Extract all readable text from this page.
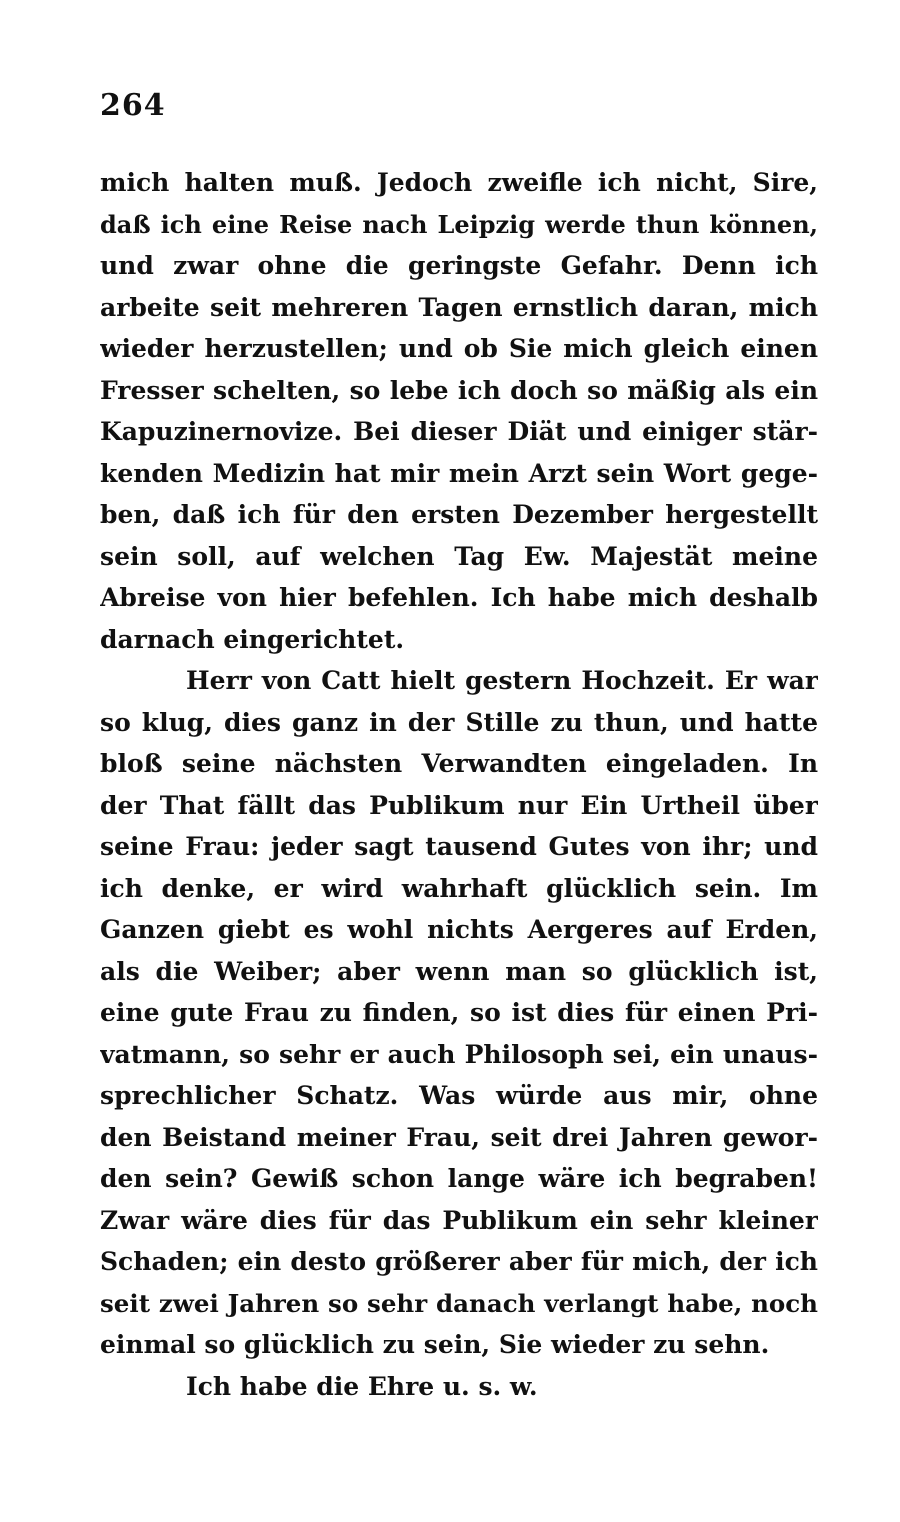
264
mich halten muß. Jedoch zweifle ich nicht, Sire,
daß ich eine Reise nach Leipzig werde thun können,
und zwar ohne die geringste Gefahr. Denn ich
arbeite seit mehreren Tagen ernstlich daran, mich
wieder herzustellen; und ob Sie mich gleich einen
Fresser schelten, so lebe ich doch so mäßig als ein
Kapuzinernovize. Bei dieser Diät und einiger stär-
kenden Medizin hat mir mein Arzt sein Wort gege-
ben, daß ich für den ersten Dezember hergestellt
sein soll, auf welchen Tag Ew. Majestät meine
Abreise von hier befehlen. Ich habe mich deshalb
darnach eingerichtet.
Herr von Catt hielt gestern Hochzeit. Er war
so klug, dies ganz in der Stille zu thun, und hatte
bloß seine nächsten Verwandten eingeladen. In
der That fällt das Publikum nur Ein Urtheil über
seine Frau: jeder sagt tausend Gutes von ihr; und
ich denke, er wird wahrhaft glücklich sein. Im
Ganzen giebt es wohl nichts Aergeres auf Erden,
als die Weiber; aber wenn man so glücklich ist,
eine gute Frau zu finden, so ist dies für einen Pri-
vatmann, so sehr er auch Philosoph sei, ein unaus-
sprechlicher Schatz. Was würde aus mir, ohne
den Beistand meiner Frau, seit drei Jahren gewor-
den sein? Gewiß schon lange wäre ich begraben!
Zwar wäre dies für das Publikum ein sehr kleiner
Schaden; ein desto größerer aber für mich, der ich
seit zwei Jahren so sehr danach verlangt habe, noch
einmal so glücklich zu sein, Sie wieder zu sehn.
Ich habe die Ehre u. s. w.
